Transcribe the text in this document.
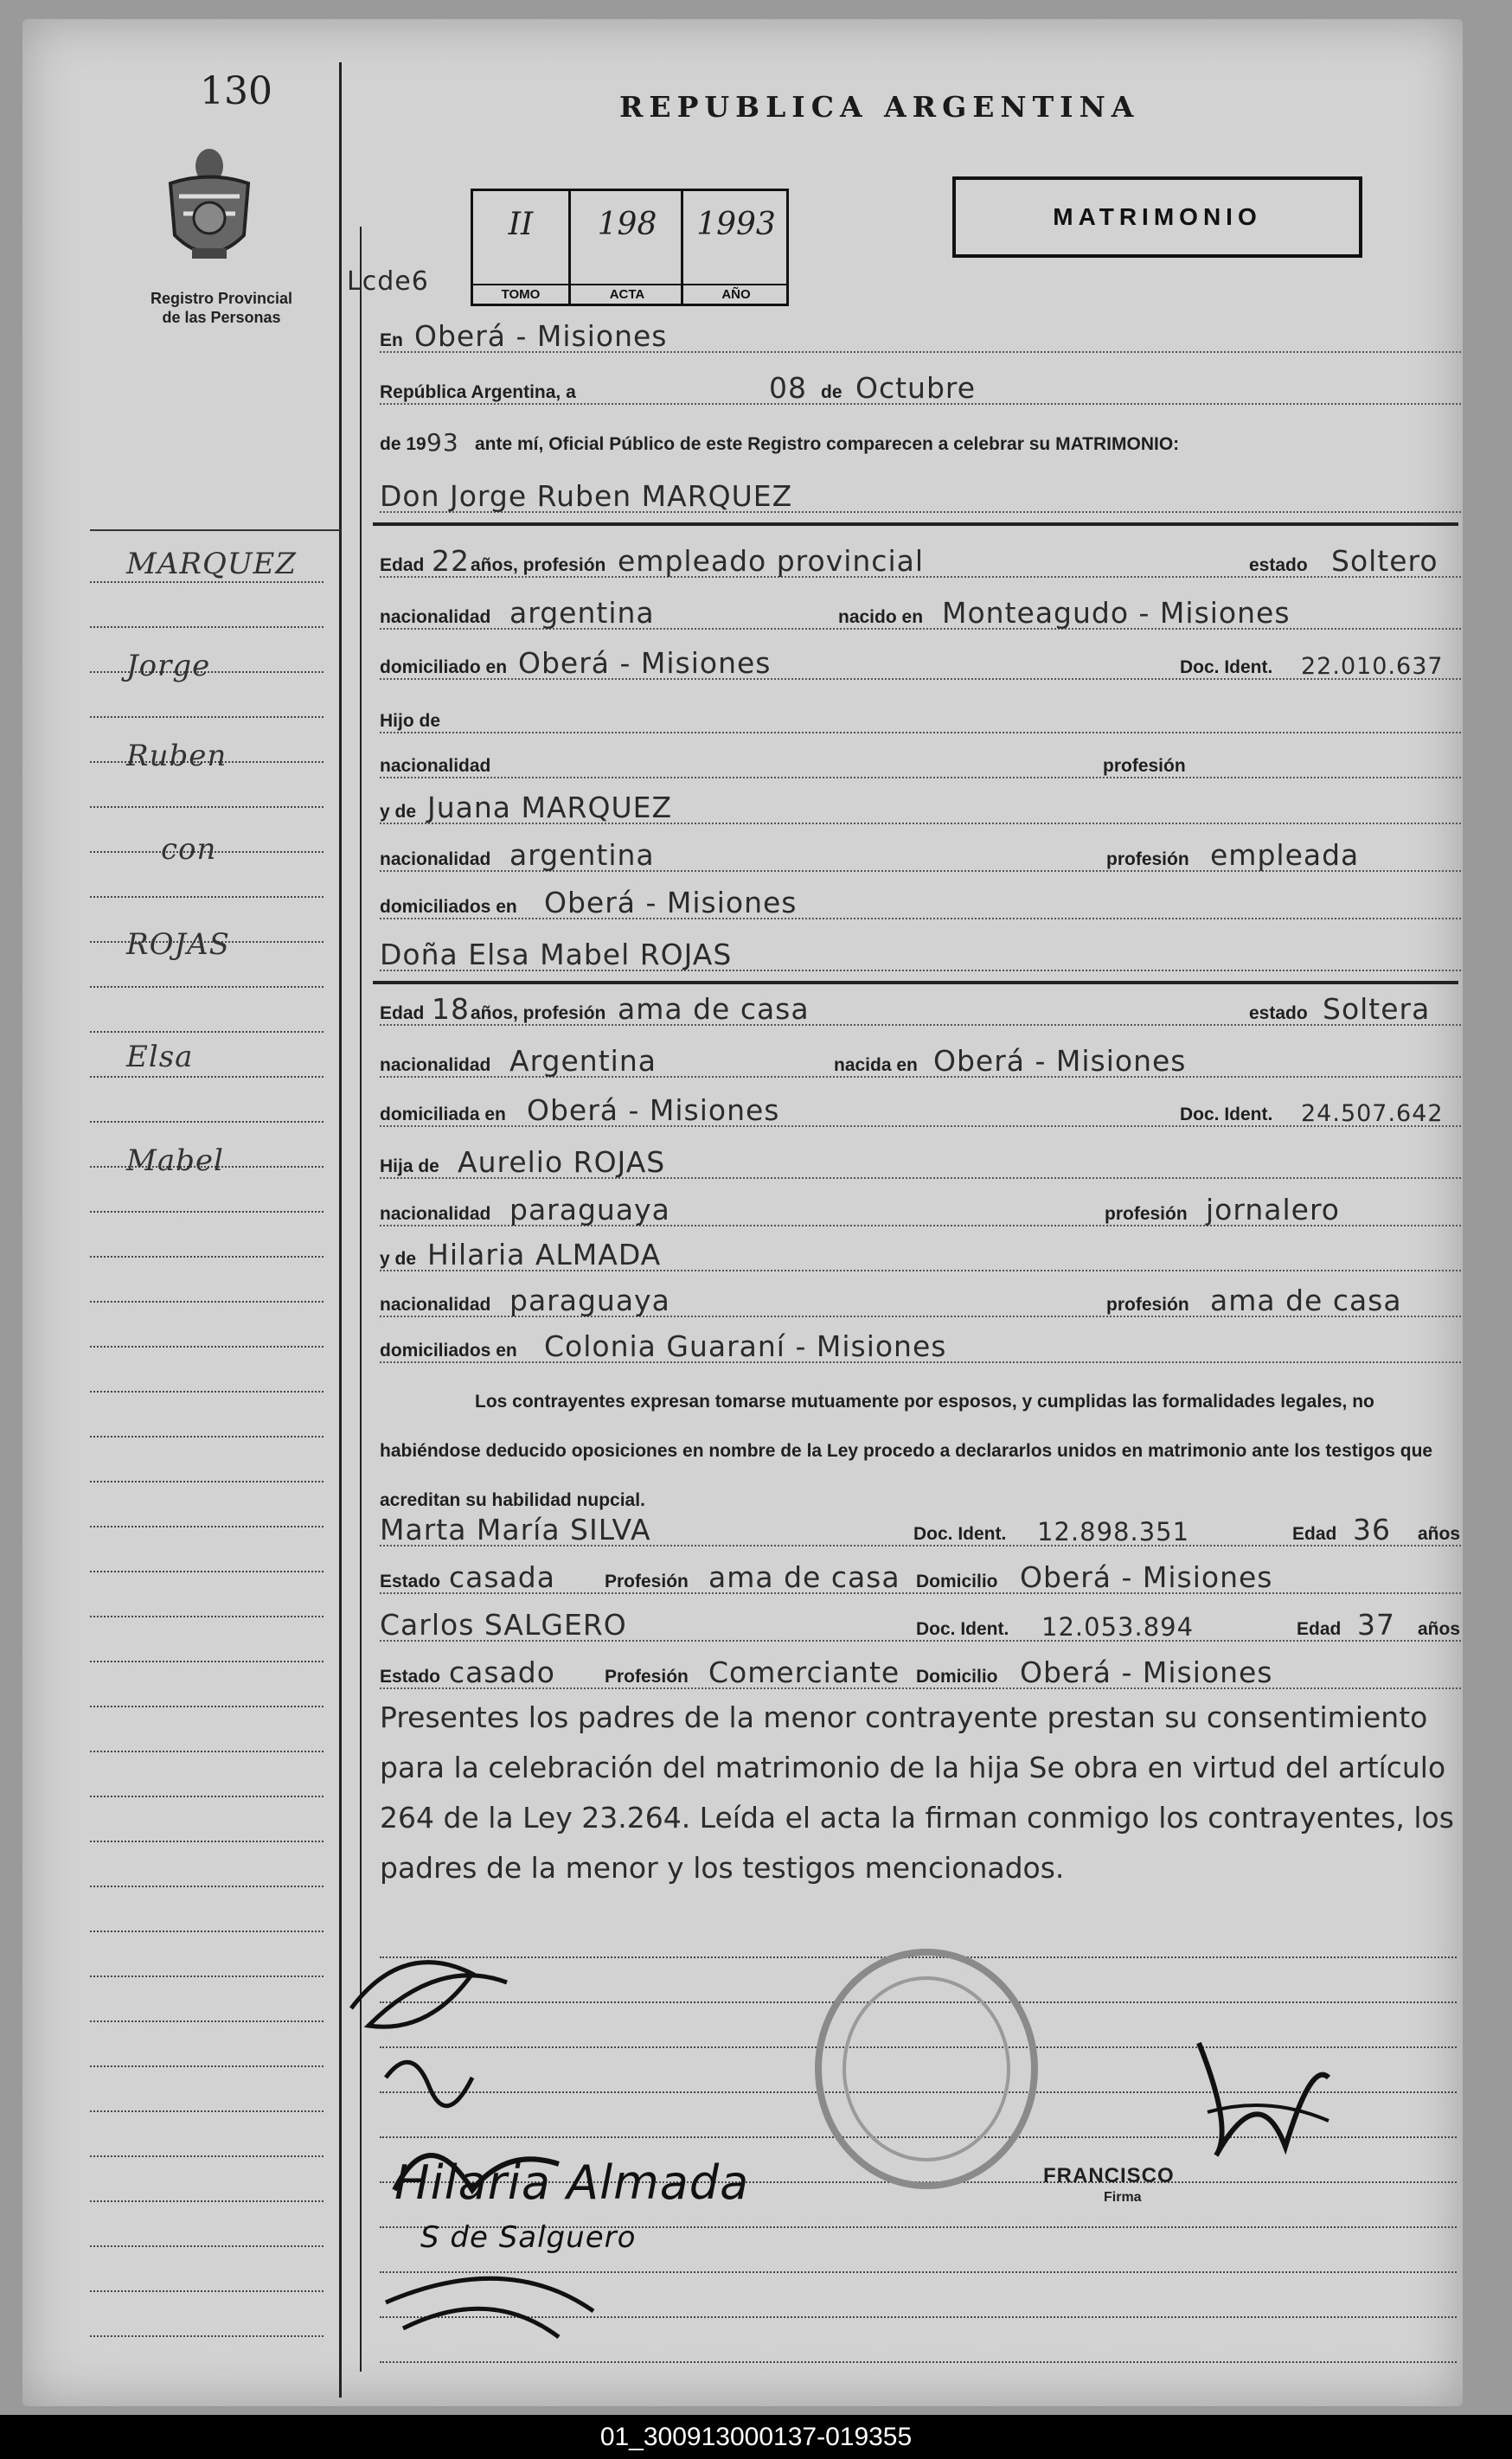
130
Registro Provincial
de las Personas
MARQUEZ
Jorge
Ruben
con
ROJAS
Elsa
Mabel
REPUBLICA ARGENTINA
MATRIMONIO
II
TOMO
198
ACTA
1993
AÑO
Lcde6
En Oberá - Misiones
República Argentina, a	08 de Octubre
de 19 93 ante mí, Oficial Público de este Registro comparecen a celebrar su MATRIMONIO:
Don Jorge Ruben MARQUEZ
Edad 22 años, profesión empleado provincial	estado Soltero
nacionalidad argentina	nacido en Monteagudo - Misiones
domiciliado en Oberá - Misiones	Doc. Ident. 22.010.637
Hijo de
nacionalidad	profesión
y de Juana MARQUEZ
nacionalidad argentina	profesión empleada
domiciliados en Oberá - Misiones
Doña Elsa Mabel ROJAS
Edad 18 años, profesión ama de casa	estado Soltera
nacionalidad Argentina	nacida en Oberá - Misiones
domiciliada en Oberá - Misiones	Doc. Ident. 24.507.642
Hija de Aurelio ROJAS
nacionalidad paraguaya	profesión jornalero
y de Hilaria ALMADA
nacionalidad paraguaya	profesión ama de casa
domiciliados en Colonia Guaraní - Misiones
Los contrayentes expresan tomarse mutuamente por esposos, y cumplidas las formalidades legales, no habiéndose deducido oposiciones en nombre de la Ley procedo a declararlos unidos en matrimonio ante los testigos que acreditan su habilidad nupcial.
Marta María SILVA	Doc. Ident. 12.898.351	Edad 36 años
Estado casada	Profesión ama de casa Domicilio Oberá - Misiones
Carlos SALGERO	Doc. Ident. 12.053.894	Edad 37 años
Estado casado	Profesión Comerciante Domicilio Oberá - Misiones
Presentes los padres de la menor contrayente prestan su consentimiento para la celebración del matrimonio de la hija Se obra en virtud del artículo 264 de la Ley 23.264. Leída el acta la firman conmigo los contrayentes, los padres de la menor y los testigos mencionados.
Hilaria Almada
S de Salguero
FRANCISCO
Firma
01_300913000137-019355
